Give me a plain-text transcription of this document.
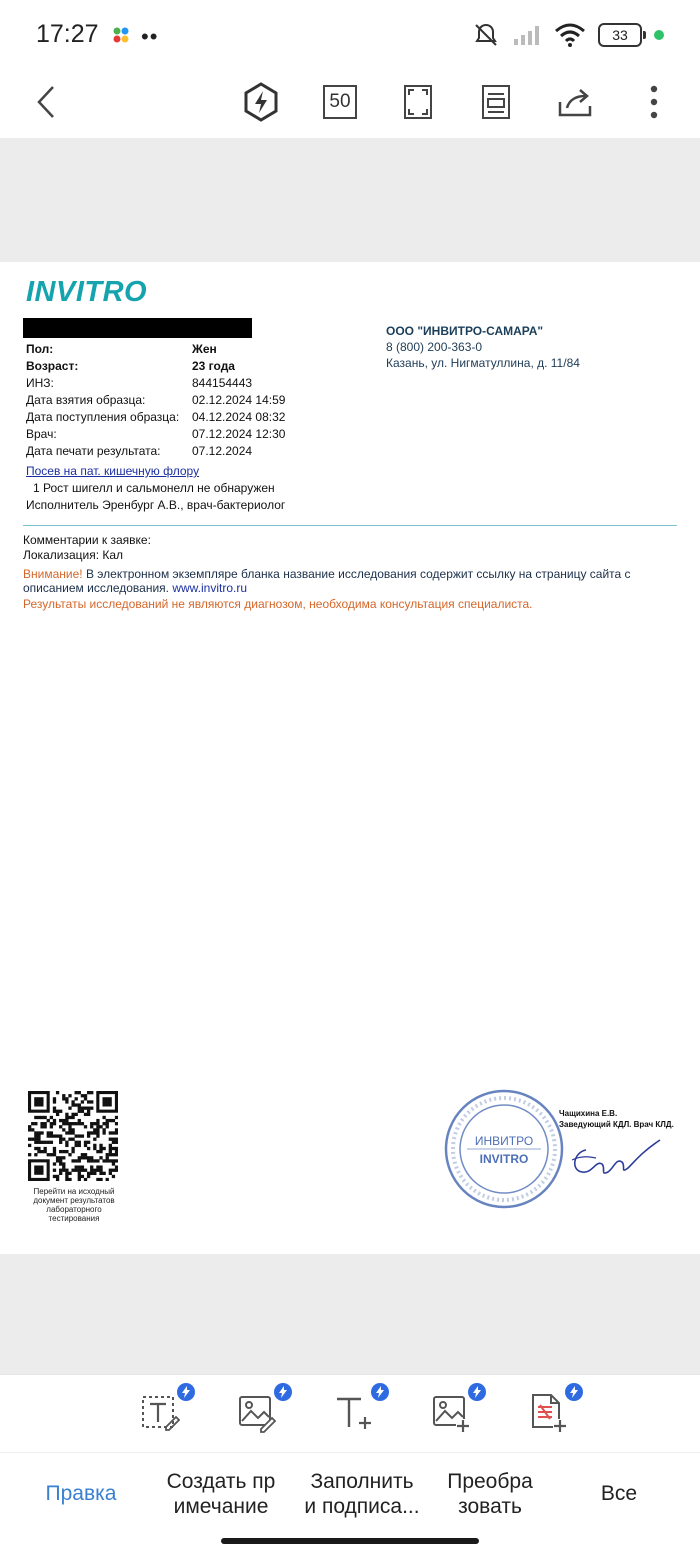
17:27 ••	33
50
INVITRO
Пол:	Жен
Возраст:	23 года
ИНЗ:	844154443
Дата взятия образца:	02.12.2024 14:59
Дата поступления образца: 04.12.2024 08:32
Врач:	07.12.2024 12:30
Дата печати результата:	07.12.2024
ООО "ИНВИТРО-САМАРА"
8 (800) 200-363-0
Казань, ул. Нигматуллина, д. 11/84
Посев на пат. кишечную флору
1 Рост шигелл и сальмонелл не обнаружен
Исполнитель Эренбург А.В., врач-бактериолог
Комментарии к заявке:
Локализация: Кал
Внимание! В электронном экземпляре бланка название исследования содержит ссылку на страницу сайта с описанием исследования. www.invitro.ru
Результаты исследований не являются диагнозом, необходима консультация специалиста.
Перейти на исходный документ результатов лабораторного тестирования
ИНВИТРО
INVITRO
Чащихина Е.В.
Заведующий КДЛ. Врач КЛД.
Правка
Создать пр
имечание
Заполнить
и подписа...
Преобра
зовать
Все
